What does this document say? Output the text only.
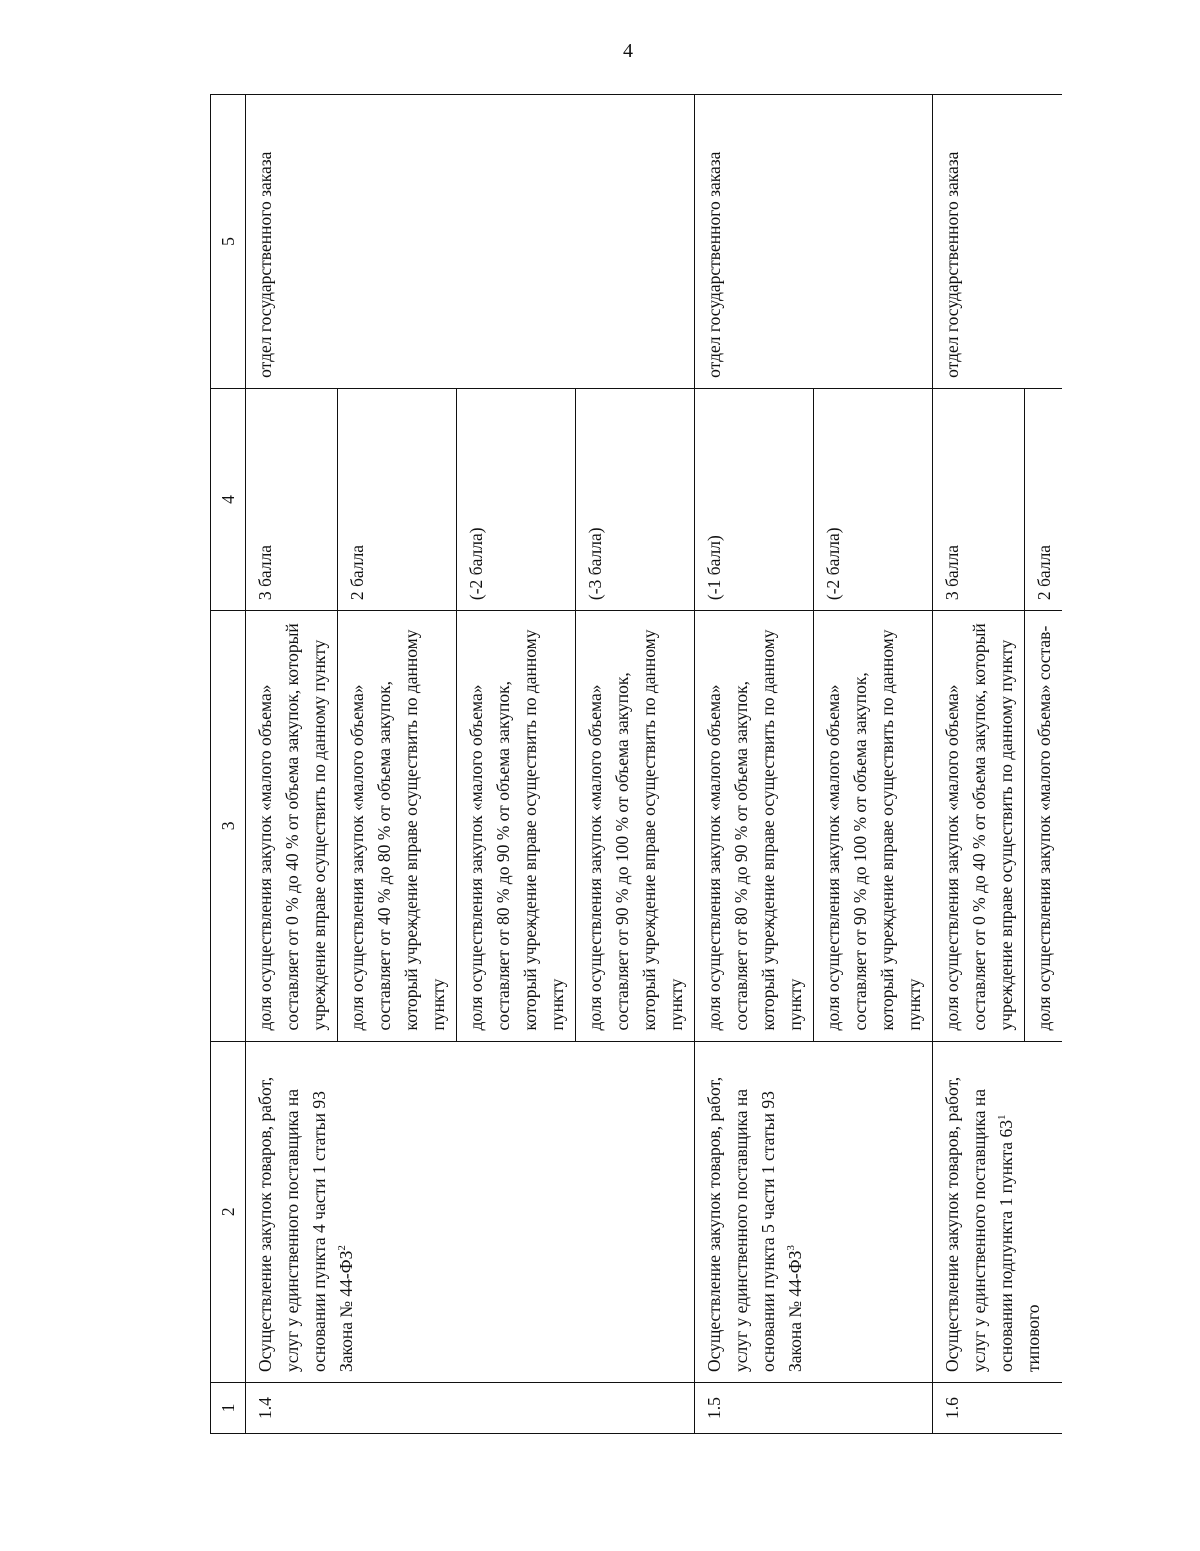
4
1	2	3	4	5
1.4	Осуществление закупок товаров, работ, услуг у единственного поставщика на основании пункта 4 части 1 статьи 93 Закона № $44-ФЗ^2$	доля осуществления закупок «малого объема» составляет от 0 % до 40 % от объема закупок, который учреждение вправе осуществить по данному пункту	3 балла	отдел государственного заказа
		доля осуществления закупок «малого объема» составляет от 40 % до 80 % от объема закупок, который учреждение вправе осуществить по данному пункту	2 балла	
		доля осуществления закупок «малого объема» составляет от 80 % до 90 % от объема закупок, который учреждение вправе осуществить по данному пункту	(-2 балла)	
		доля осуществления закупок «малого объема» составляет от 90 % до 100 % от объема закупок, который учреждение вправе осуществить по данному пункту	(-3 балла)	
1.5	Осуществление закупок товаров, работ, услуг у единственного поставщика на основании пункта 5 части 1 статьи 93 Закона № $44-ФЗ^3$	доля осуществления закупок «малого объема» составляет от 80 % до 90 % от объема закупок, который учреждение вправе осуществить по данному пункту	(-1 балл)	отдел государственного заказа
		доля осуществления закупок «малого объема» составляет от 90 % до 100 % от объема закупок, который учреждение вправе осуществить по данному пункту	(-2 балла)	
1.6	Осуществление закупок товаров, работ, услуг у единственного поставщика на основании подпункта 1 пункта $63^1$ типового	доля осуществления закупок «малого объема» составляет от 0 % до 40 % от объема закупок, который учреждение вправе осуществить по данному пункту	3 балла	отдел государственного заказа
		доля осуществления закупок «малого объема» состав-	2 балла	
